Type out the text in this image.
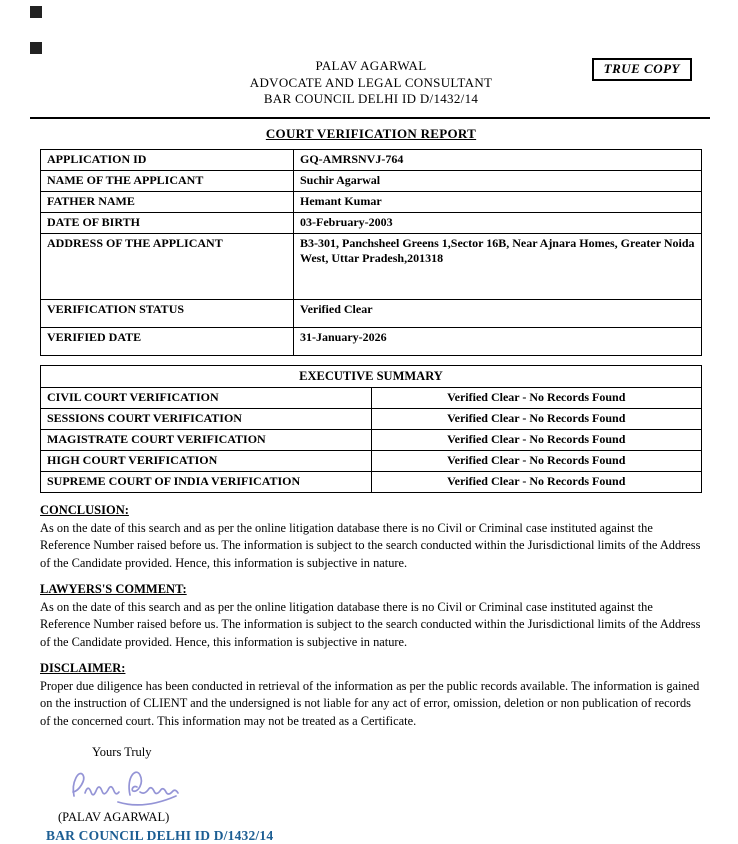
TRUE COPY
PALAV AGARWAL
ADVOCATE AND LEGAL CONSULTANT
BAR COUNCIL DELHI ID D/1432/14
COURT VERIFICATION REPORT
APPLICATION ID	GQ-AMRSNVJ-764
NAME OF THE APPLICANT	Suchir Agarwal
FATHER NAME	Hemant Kumar
DATE OF BIRTH	03-February-2003
ADDRESS OF THE APPLICANT	B3-301, Panchsheel Greens 1,Sector 16B, Near Ajnara Homes, Greater Noida West, Uttar Pradesh,201318
VERIFICATION STATUS	Verified Clear
VERIFIED DATE	31-January-2026
EXECUTIVE SUMMARY	
CIVIL COURT VERIFICATION	Verified Clear - No Records Found
SESSIONS COURT VERIFICATION	Verified Clear - No Records Found
MAGISTRATE COURT VERIFICATION	Verified Clear - No Records Found
HIGH COURT VERIFICATION	Verified Clear - No Records Found
SUPREME COURT OF INDIA VERIFICATION	Verified Clear - No Records Found
CONCLUSION:
As on the date of this search and as per the online litigation database there is no Civil or Criminal case instituted against the Reference Number raised before us. The information is subject to the search conducted within the Jurisdictional limits of the Address of the Candidate provided. Hence, this information is subjective in nature.
LAWYERS'S COMMENT:
As on the date of this search and as per the online litigation database there is no Civil or Criminal case instituted against the Reference Number raised before us. The information is subject to the search conducted within the Jurisdictional limits of the Address of the Candidate provided. Hence, this information is subjective in nature.
DISCLAIMER:
Proper due diligence has been conducted in retrieval of the information as per the public records available. The information is gained on the instruction of CLIENT and the undersigned is not liable for any act of error, omission, deletion or non publication of records of the concerned court. This information may not be treated as a Certificate.
Yours Truly
(PALAV AGARWAL)
BAR COUNCIL DELHI ID D/1432/14
